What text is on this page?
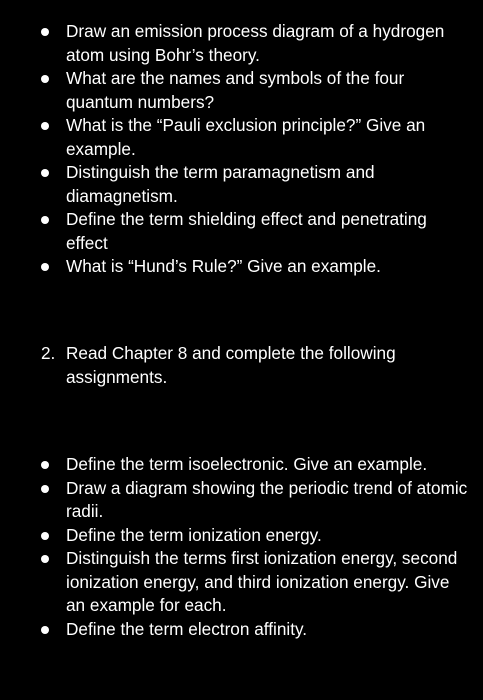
Draw an emission process diagram of a hydrogen atom using Bohr’s theory.
What are the names and symbols of the four quantum numbers?
What is the “Pauli exclusion principle?” Give an example.
Distinguish the term paramagnetism and diamagnetism.
Define the term shielding effect and penetrating effect
What is “Hund’s Rule?” Give an example.
2. Read Chapter 8 and complete the following assignments.
Define the term isoelectronic. Give an example.
Draw a diagram showing the periodic trend of atomic radii.
Define the term ionization energy.
Distinguish the terms first ionization energy, second ionization energy, and third ionization energy. Give an example for each.
Define the term electron affinity.
